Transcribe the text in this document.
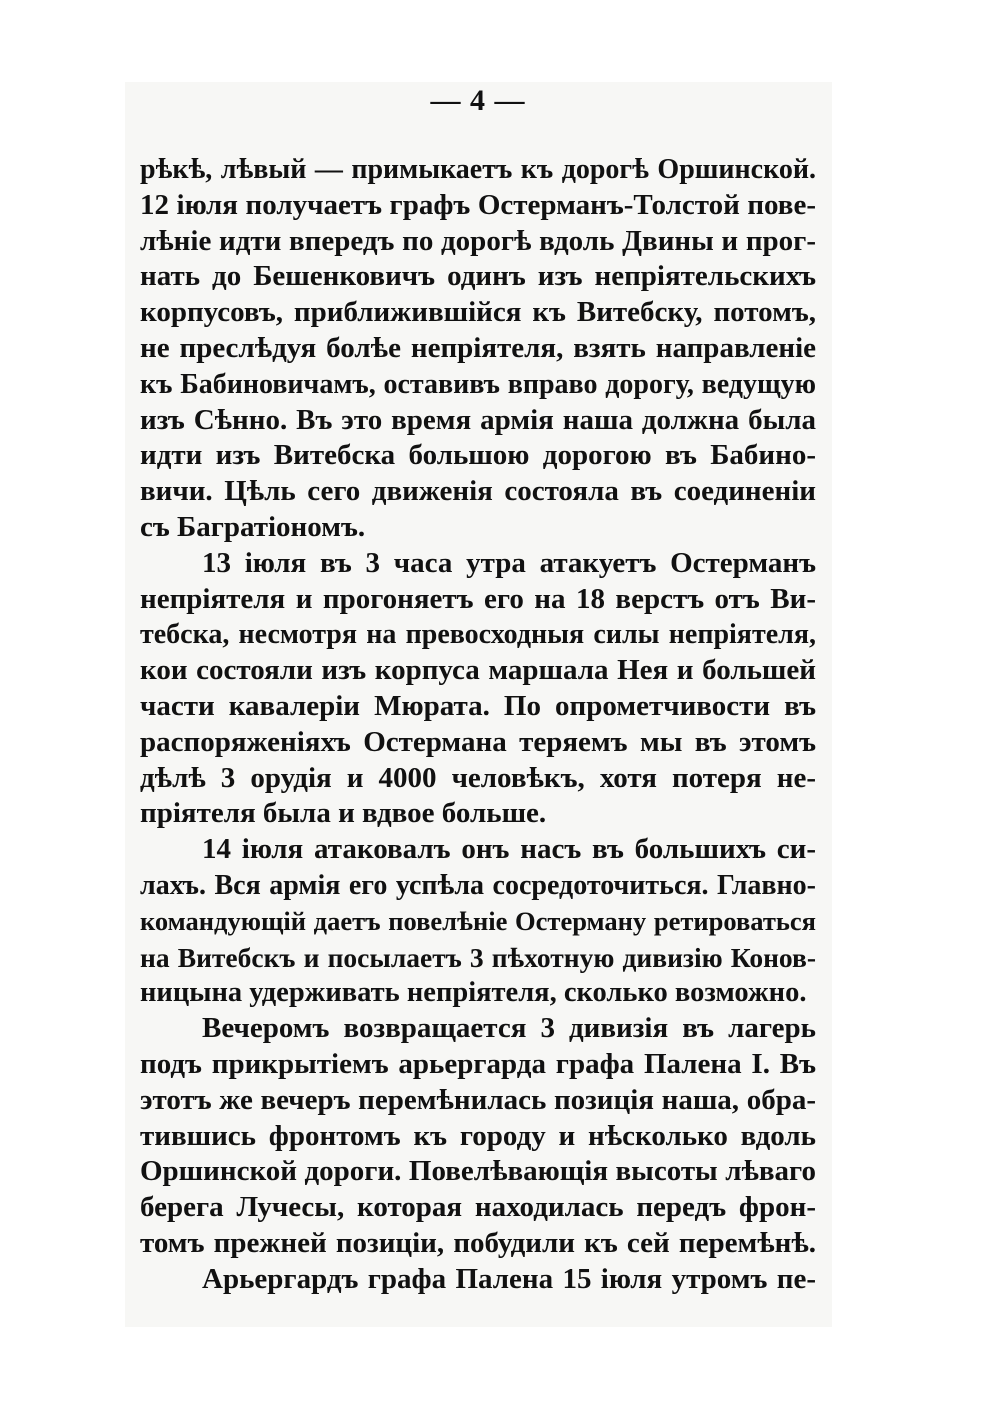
— 4 —
рѣкѣ, лѣвый — примыкаетъ къ дорогѣ Оршинской.
12 іюля получаетъ графъ Остерманъ-Толстой пове-
лѣніе идти впередъ по дорогѣ вдоль Двины и прог-
нать до Бешенковичъ одинъ изъ непріятельскихъ
корпусовъ, приближившійся къ Витебску, потомъ,
не преслѣдуя болѣе непріятеля, взять направленіе
къ Бабиновичамъ, оставивъ вправо дорогу, ведущую
изъ Сѣнно. Въ это время армія наша должна была
идти изъ Витебска большою дорогою въ Бабино-
вичи. Цѣль сего движенія состояла въ соединеніи
съ Багратіономъ.
13 іюля въ 3 часа утра атакуетъ Остерманъ
непріятеля и прогоняетъ его на 18 верстъ отъ Ви-
тебска, несмотря на превосходныя силы непріятеля,
кои состояли изъ корпуса маршала Нея и большей
части кавалеріи Мюрата. По опрометчивости въ
распоряженіяхъ Остермана теряемъ мы въ этомъ
дѣлѣ 3 орудія и 4000 человѣкъ, хотя потеря не-
пріятеля была и вдвое больше.
14 іюля атаковалъ онъ насъ въ большихъ си-
лахъ. Вся армія его успѣла сосредоточиться. Главно-
командующій даетъ повелѣніе Остерману ретироваться
на Витебскъ и посылаетъ 3 пѣхотную дивизію Конов-
ницына удерживать непріятеля, сколько возможно.
Вечеромъ возвращается 3 дивизія въ лагерь
подъ прикрытіемъ арьергарда графа Палена I. Въ
этотъ же вечеръ перемѣнилась позиція наша, обра-
тившись фронтомъ къ городу и нѣсколько вдоль
Оршинской дороги. Повелѣвающія высоты лѣваго
берега Лучесы, которая находилась передъ фрон-
томъ прежней позиціи, побудили къ сей перемѣнѣ.
Арьергардъ графа Палена 15 іюля утромъ пе-
